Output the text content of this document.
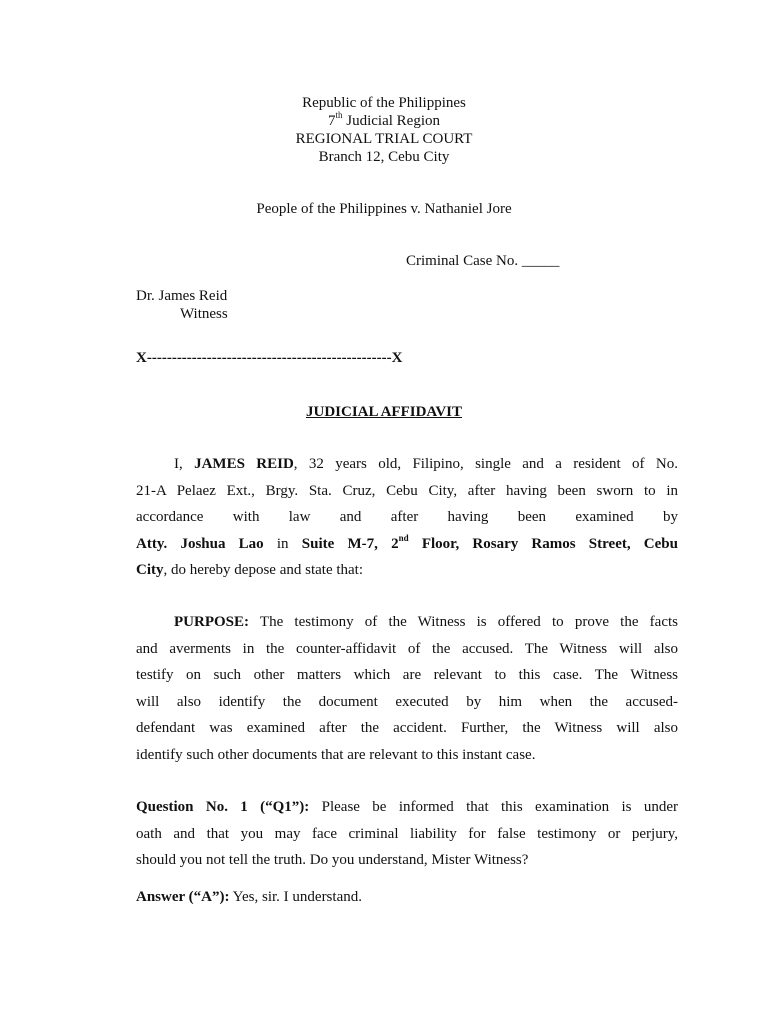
Republic of the Philippines
7th Judicial Region
REGIONAL TRIAL COURT
Branch 12, Cebu City
People of the Philippines v. Nathaniel Jore
Criminal Case No. _____
Dr. James Reid
Witness
X-------------------------------------------------X
JUDICIAL AFFIDAVIT
I, JAMES REID, 32 years old, Filipino, single and a resident of No.
21-A Pelaez Ext., Brgy. Sta. Cruz, Cebu City, after having been sworn to in
accordance with law and after having been examined by
Atty. Joshua Lao in Suite M-7, 2nd Floor, Rosary Ramos Street, Cebu
City, do hereby depose and state that:
PURPOSE: The testimony of the Witness is offered to prove the facts
and averments in the counter-affidavit of the accused. The Witness will also
testify on such other matters which are relevant to this case. The Witness
will also identify the document executed by him when the accused-
defendant was examined after the accident. Further, the Witness will also
identify such other documents that are relevant to this instant case.
Question No. 1 (“Q1”): Please be informed that this examination is under
oath and that you may face criminal liability for false testimony or perjury,
should you not tell the truth. Do you understand, Mister Witness?
Answer (“A”): Yes, sir. I understand.
